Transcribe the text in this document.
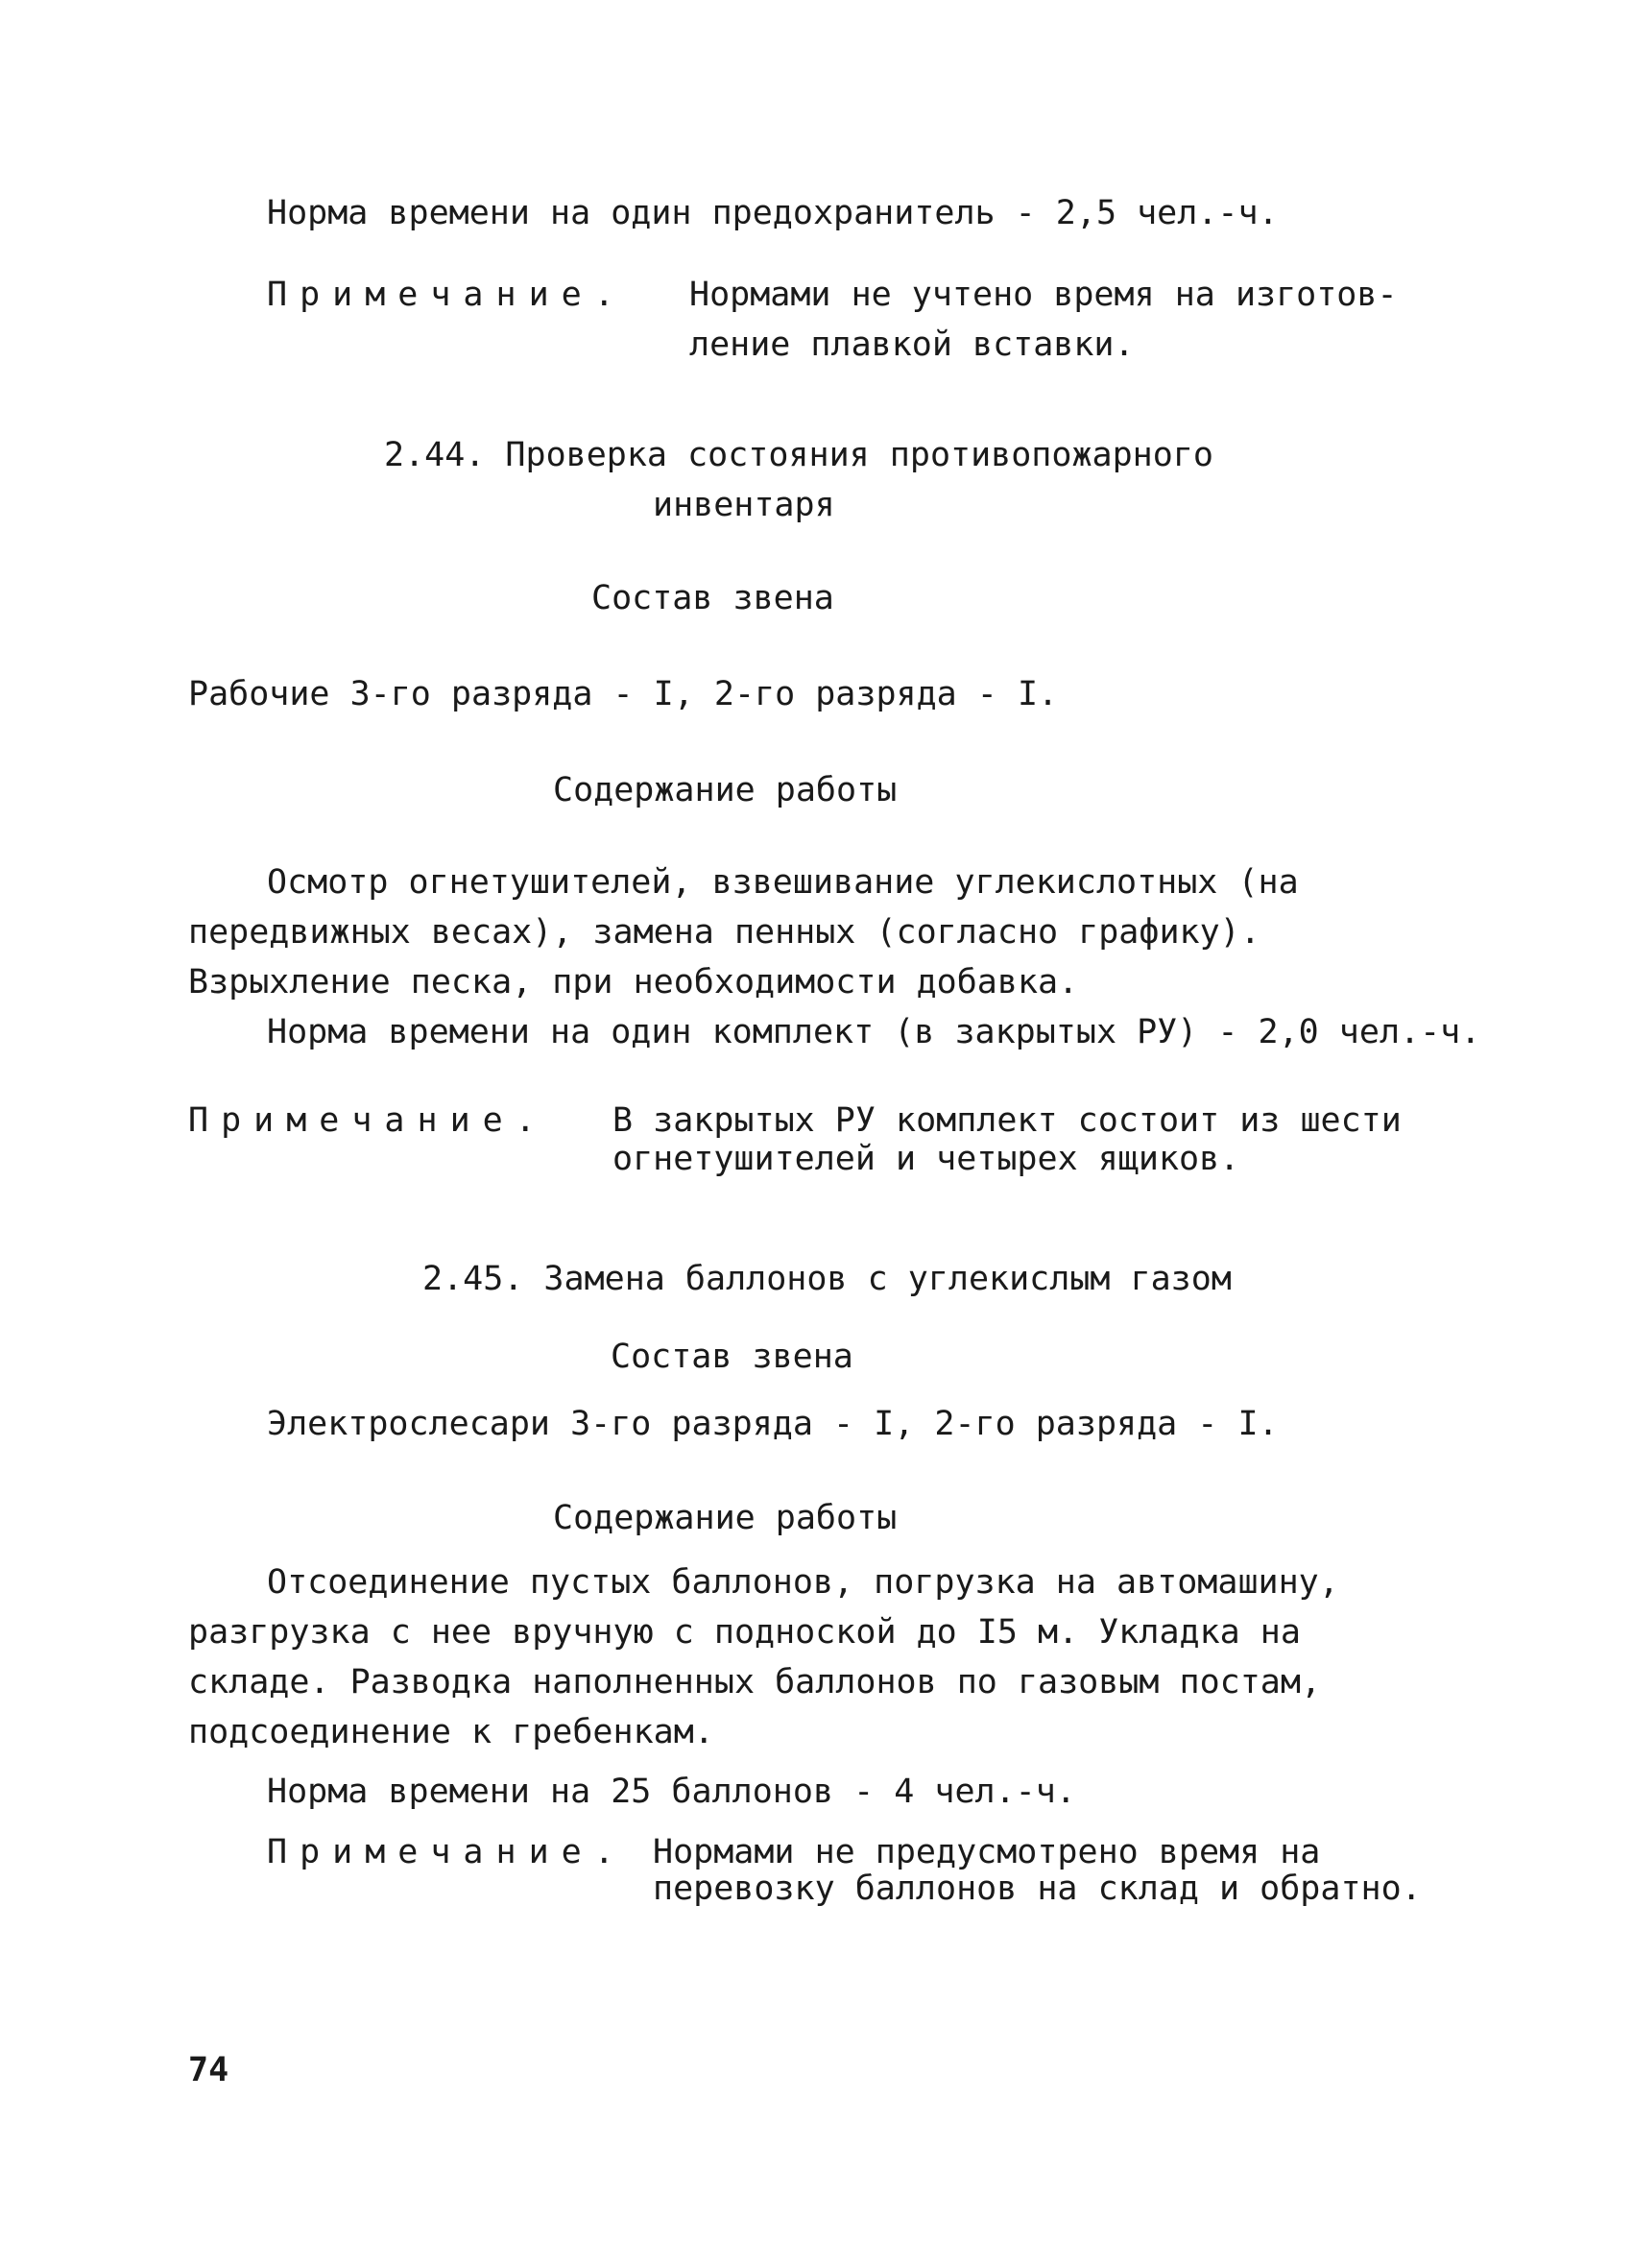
Норма времени на один предохранитель - 2,5 чел.-ч.
Примечание. Нормами не учтено время на изготов-
ление плавкой вставки.
2.44. Проверка состояния противопожарного
инвентаря
Состав звена
Рабочие 3-го разряда - I, 2-го разряда - I.
Содержание работы
Осмотр огнетушителей, взвешивание углекислотных (на
передвижных весах), замена пенных (согласно графику).
Взрыхление песка, при необходимости добавка.
Норма времени на один комплект (в закрытых РУ) - 2,0 чел.-ч.
Примечание. В закрытых РУ комплект состоит из шести
огнетушителей и четырех ящиков.
2.45. Замена баллонов с углекислым газом
Состав звена
Электрослесари 3-го разряда - I, 2-го разряда - I.
Содержание работы
Отсоединение пустых баллонов, погрузка на автомашину,
разгрузка с нее вручную с подноской до I5 м. Укладка на
складе. Разводка наполненных баллонов по газовым постам,
подсоединение к гребенкам.
Норма времени на 25 баллонов - 4 чел.-ч.
Примечание. Нормами не предусмотрено время на
перевозку баллонов на склад и обратно.
74
